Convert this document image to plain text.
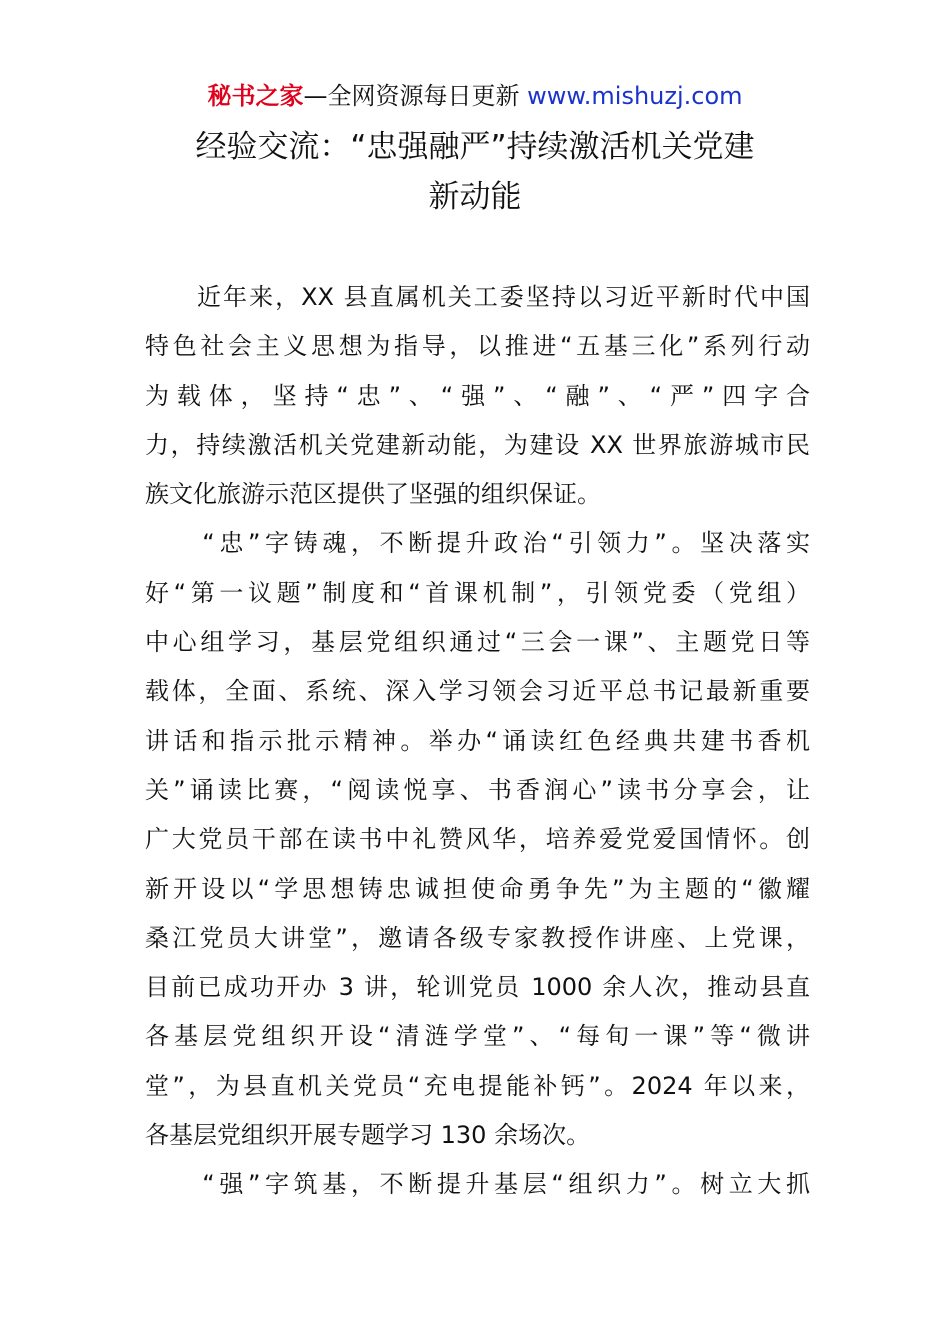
秘书之家—全网资源每日更新 www.mishuzj.com
经验交流：“忠强融严”持续激活机关党建
新动能

　　近年来，XX 县直属机关工委坚持以习近平新时代中国
特色社会主义思想为指导，以推进“五基三化”系列行动
为载体，坚持“忠”、“强”、“融”、“严”四字合
力，持续激活机关党建新动能，为建设 XX 世界旅游城市民
族文化旅游示范区提供了坚强的组织保证。

　　“忠”字铸魂，不断提升政治“引领力”。坚决落实
好“第一议题”制度和“首课机制”，引领党委（党组）
中心组学习，基层党组织通过“三会一课”、主题党日等
载体，全面、系统、深入学习领会习近平总书记最新重要
讲话和指示批示精神。举办“诵读红色经典共建书香机
关”诵读比赛，“阅读悦享、书香润心”读书分享会，让
广大党员干部在读书中礼赞风华，培养爱党爱国情怀。创
新开设以“学思想铸忠诚担使命勇争先”为主题的“徽耀
桑江党员大讲堂”，邀请各级专家教授作讲座、上党课，
目前已成功开办 3 讲，轮训党员 1000 余人次，推动县直
各基层党组织开设“清涟学堂”、“每旬一课”等“微讲
堂”，为县直机关党员“充电提能补钙”。2024 年以来，
各基层党组织开展专题学习 130 余场次。

　　“强”字筑基，不断提升基层“组织力”。树立大抓
